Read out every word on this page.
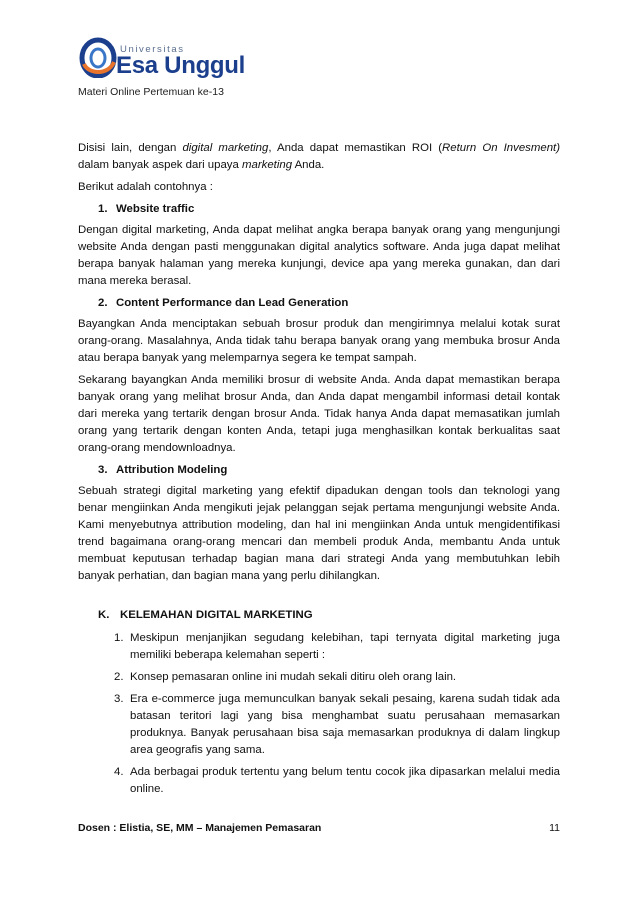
Universitas
Esa Unggul
Materi Online Pertemuan ke-13

Disisi lain, dengan digital marketing, Anda dapat memastikan ROI (Return On Invesment) dalam banyak aspek dari upaya marketing Anda.

Berikut adalah contohnya :

1. Website traffic

Dengan digital marketing, Anda dapat melihat angka berapa banyak orang yang mengunjungi website Anda dengan pasti menggunakan digital analytics software. Anda juga dapat melihat berapa banyak halaman yang mereka kunjungi, device apa yang mereka gunakan, dan dari mana mereka berasal.

2. Content Performance dan Lead Generation

Bayangkan Anda menciptakan sebuah brosur produk dan mengirimnya melalui kotak surat orang-orang. Masalahnya, Anda tidak tahu berapa banyak orang yang membuka brosur Anda atau berapa banyak yang melemparnya segera ke tempat sampah.

Sekarang bayangkan Anda memiliki brosur di website Anda. Anda dapat memastikan berapa banyak orang yang melihat brosur Anda, dan Anda dapat mengambil informasi detail kontak dari mereka yang tertarik dengan brosur Anda. Tidak hanya Anda dapat memasatikan jumlah orang yang tertarik dengan konten Anda, tetapi juga menghasilkan kontak berkualitas saat orang-orang mendownloadnya.

3. Attribution Modeling

Sebuah strategi digital marketing yang efektif dipadukan dengan tools dan teknologi yang benar mengiinkan Anda mengikuti jejak pelanggan sejak pertama mengunjungi website Anda. Kami menyebutnya attribution modeling, dan hal ini mengiinkan Anda untuk mengidentifikasi trend bagaimana orang-orang mencari dan membeli produk Anda, membantu Anda untuk membuat keputusan terhadap bagian mana dari strategi Anda yang membutuhkan lebih banyak perhatian, dan bagian mana yang perlu dihilangkan.

K. KELEMAHAN DIGITAL MARKETING
1. Meskipun menjanjikan segudang kelebihan, tapi ternyata digital marketing juga memiliki beberapa kelemahan seperti :
2. Konsep pemasaran online ini mudah sekali ditiru oleh orang lain.
3. Era e-commerce juga memunculkan banyak sekali pesaing, karena sudah tidak ada batasan teritori lagi yang bisa menghambat suatu perusahaan memasarkan produknya. Banyak perusahaan bisa saja memasarkan produknya di dalam lingkup area geografis yang sama.
4. Ada berbagai produk tertentu yang belum tentu cocok jika dipasarkan melalui media online.
Dosen : Elistia, SE, MM – Manajemen Pemasaran	11
